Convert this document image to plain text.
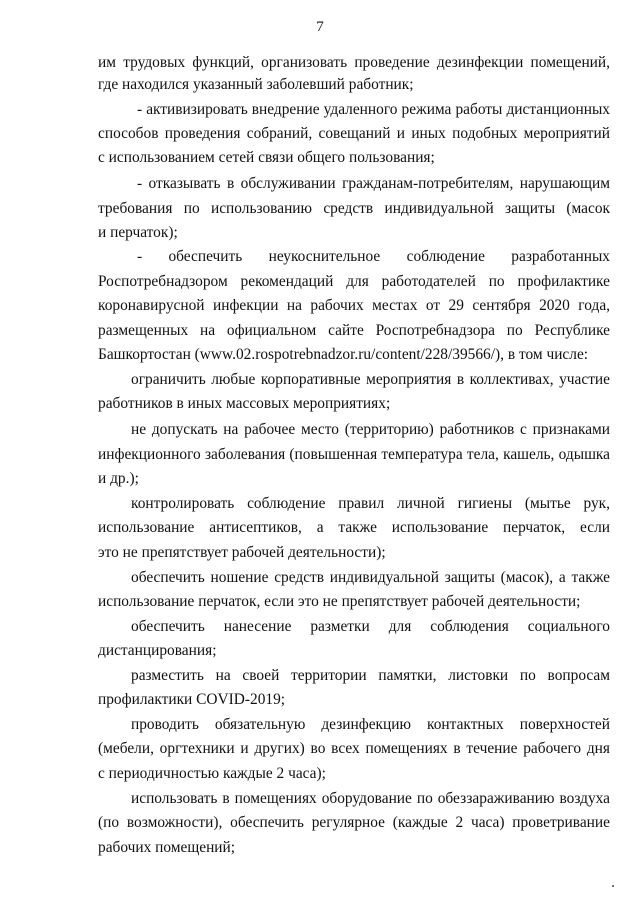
7
им трудовых функций, организовать проведение дезинфекции помещений,
где находился указанный заболевший работник;
- активизировать внедрение удаленного режима работы дистанционных
способов проведения собраний, совещаний и иных подобных мероприятий
с использованием сетей связи общего пользования;
- отказывать в обслуживании гражданам-потребителям, нарушающим
требования по использованию средств индивидуальной защиты (масок
и перчаток);
- обеспечить неукоснительное соблюдение разработанных
Роспотребнадзором рекомендаций для работодателей по профилактике
коронавирусной инфекции на рабочих местах от 29 сентября 2020 года,
размещенных на официальном сайте Роспотребнадзора по Республике
Башкортостан (www.02.rospotrebnadzor.ru/content/228/39566/), в том числе:
ограничить любые корпоративные мероприятия в коллективах, участие
работников в иных массовых мероприятиях;
не допускать на рабочее место (территорию) работников с признаками
инфекционного заболевания (повышенная температура тела, кашель, одышка
и др.);
контролировать соблюдение правил личной гигиены (мытье рук,
использование антисептиков, а также использование перчаток, если
это не препятствует рабочей деятельности);
обеспечить ношение средств индивидуальной защиты (масок), а также
использование перчаток, если это не препятствует рабочей деятельности;
обеспечить нанесение разметки для соблюдения социального
дистанцирования;
разместить на своей территории памятки, листовки по вопросам
профилактики COVID-2019;
проводить обязательную дезинфекцию контактных поверхностей
(мебели, оргтехники и других) во всех помещениях в течение рабочего дня
с периодичностью каждые 2 часа);
использовать в помещениях оборудование по обеззараживанию воздуха
(по возможности), обеспечить регулярное (каждые 2 часа) проветривание
рабочих помещений;
